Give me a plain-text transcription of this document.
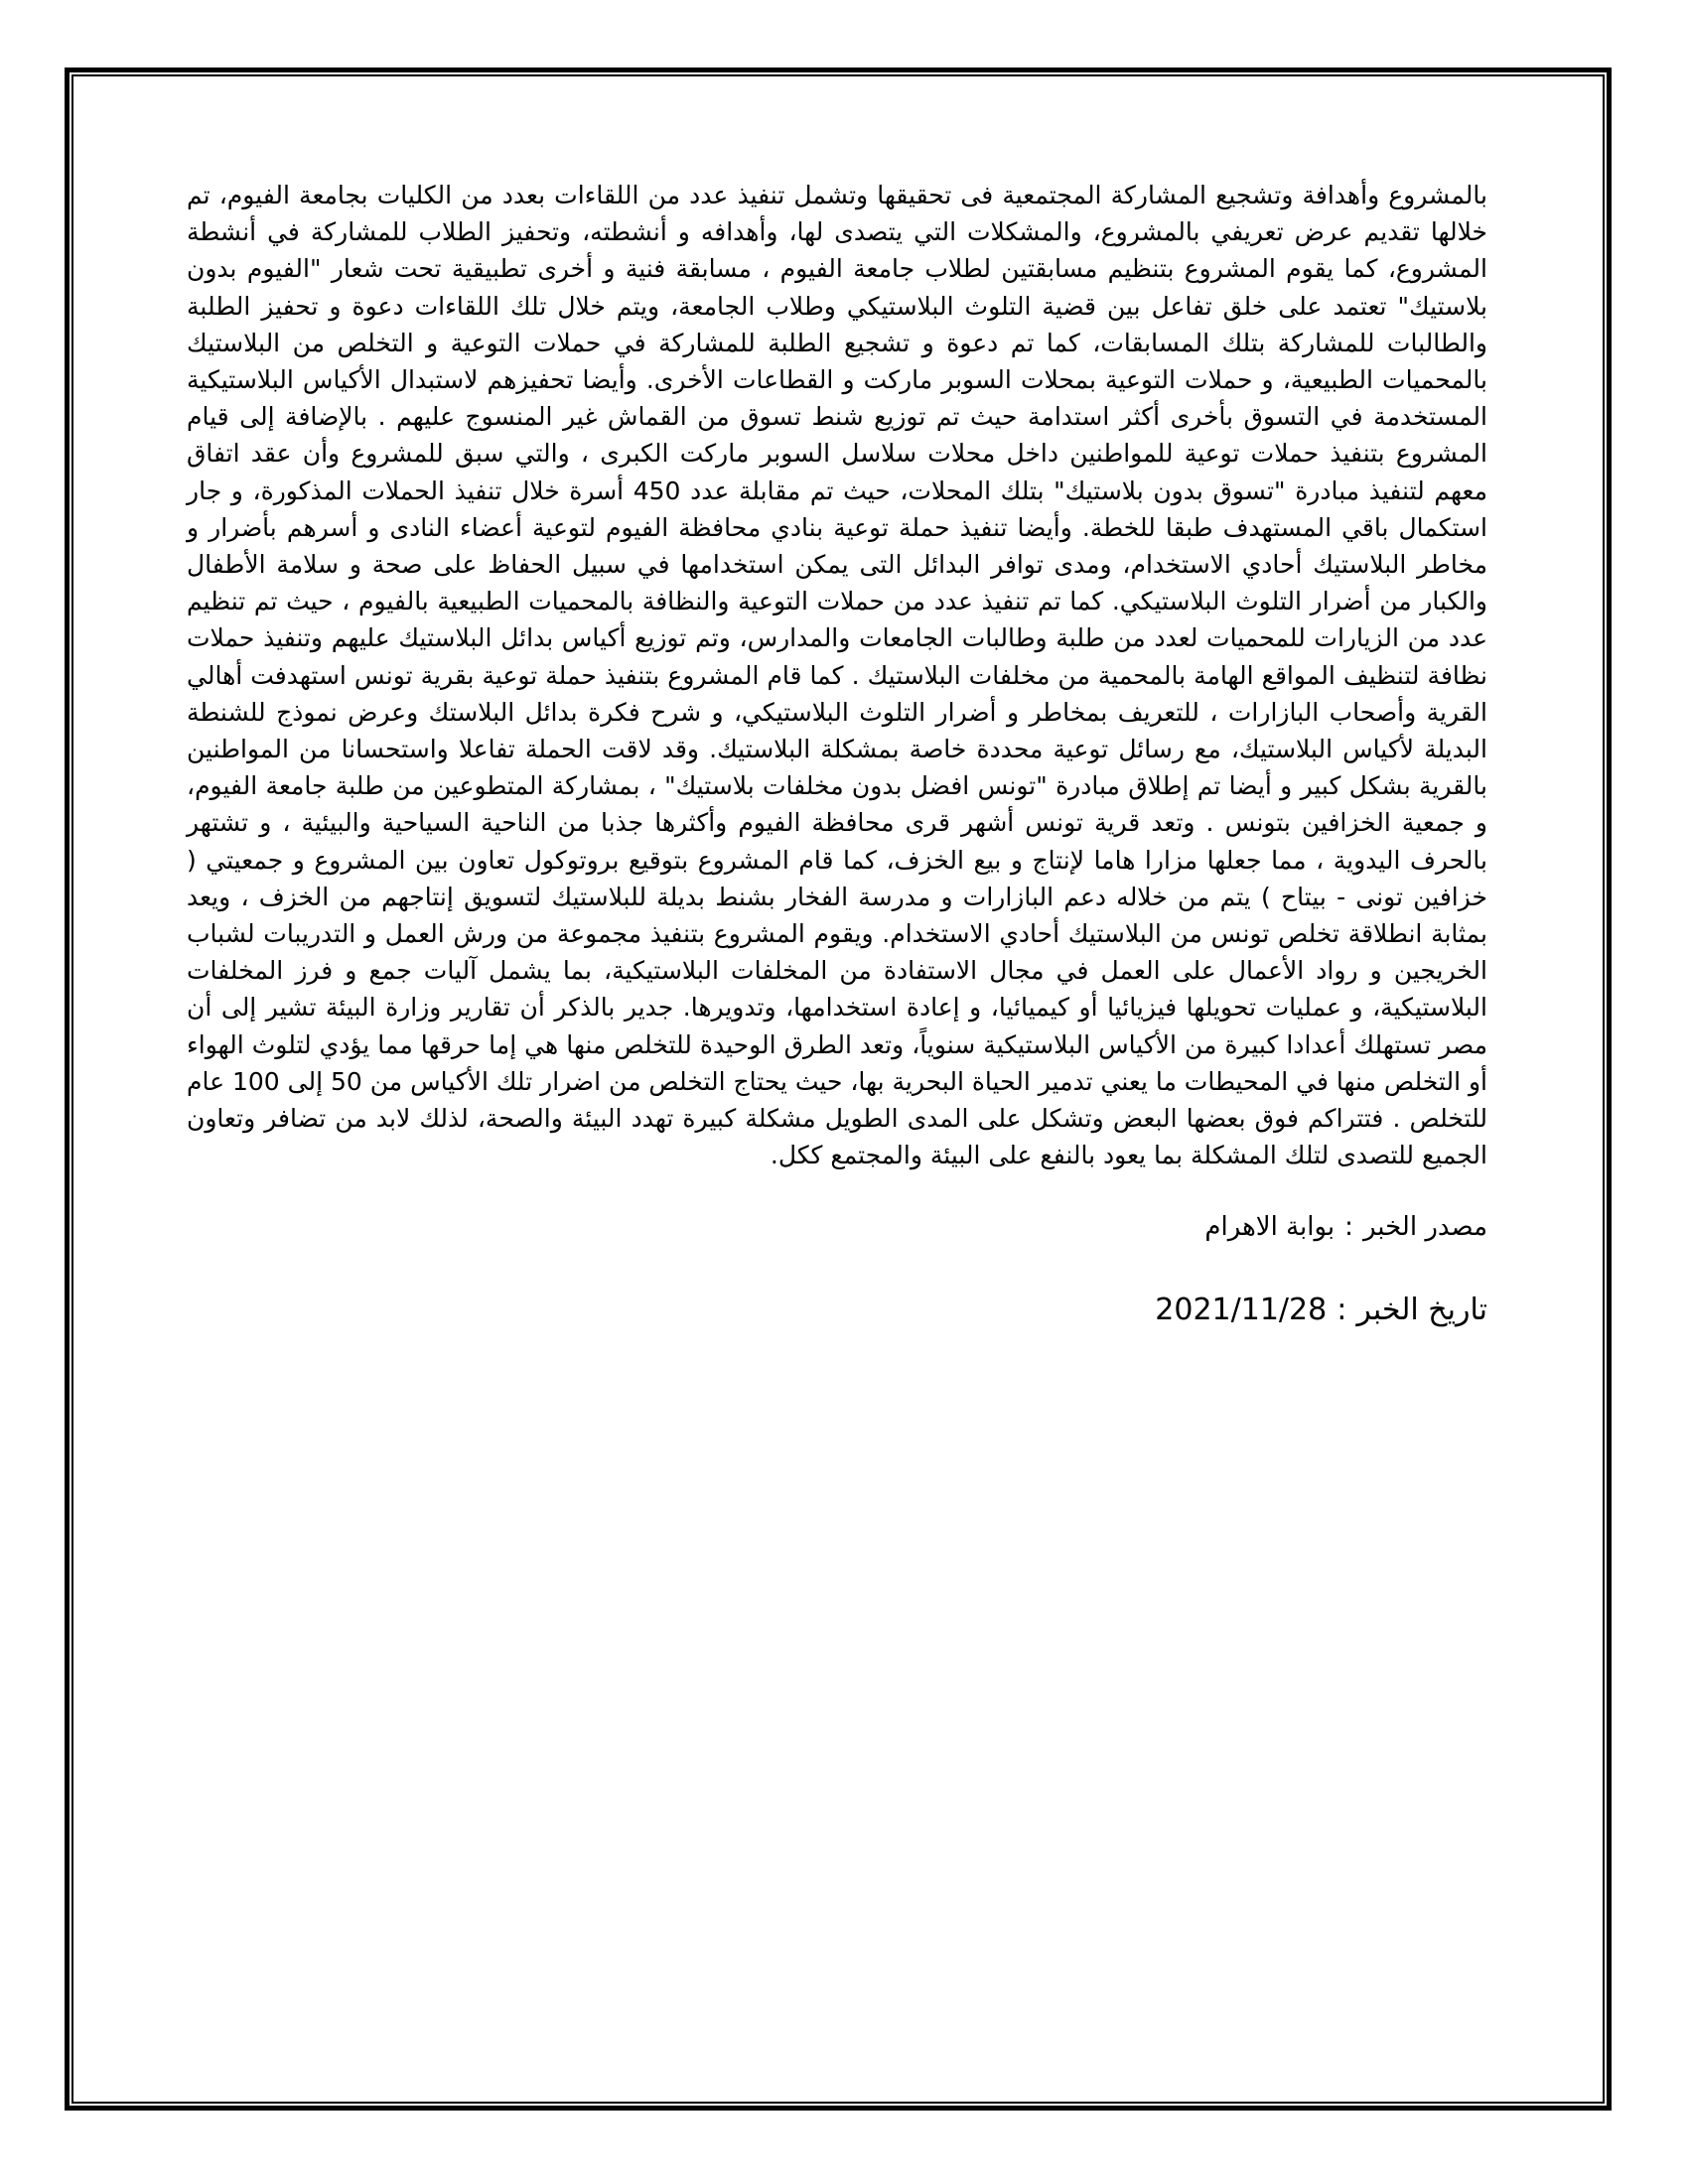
بالمشروع وأهدافة وتشجيع المشاركة المجتمعية فى تحقيقها وتشمل تنفيذ عدد من اللقاءات بعدد من الكليات بجامعة الفيوم، تم خلالها تقديم عرض تعريفي بالمشروع، والمشكلات التي يتصدى لها، وأهدافه و أنشطته، وتحفيز الطلاب للمشاركة في أنشطة المشروع، كما يقوم المشروع بتنظيم مسابقتين لطلاب جامعة الفيوم ، مسابقة فنية و أخرى تطبيقية تحت شعار "الفيوم بدون بلاستيك" تعتمد على خلق تفاعل بين قضية التلوث البلاستيكي وطلاب الجامعة، ويتم خلال تلك اللقاءات دعوة و تحفيز الطلبة والطالبات للمشاركة بتلك المسابقات، كما تم دعوة و تشجيع الطلبة للمشاركة في حملات التوعية و التخلص من البلاستيك بالمحميات الطبيعية، و حملات التوعية بمحلات السوبر ماركت و القطاعات الأخرى. وأيضا تحفيزهم لاستبدال الأكياس البلاستيكية المستخدمة في التسوق بأخرى أكثر استدامة حيث تم توزيع شنط تسوق من القماش غير المنسوج عليهم . بالإضافة إلى قيام المشروع بتنفيذ حملات توعية للمواطنين داخل محلات سلاسل السوبر ماركت الكبرى ، والتي سبق للمشروع وأن عقد اتفاق معهم لتنفيذ مبادرة "تسوق بدون بلاستيك" بتلك المحلات، حيث تم مقابلة عدد 450 أسرة خلال تنفيذ الحملات المذكورة، و جار استكمال باقي المستهدف طبقا للخطة. وأيضا تنفيذ حملة توعية بنادي محافظة الفيوم لتوعية أعضاء النادى و أسرهم بأضرار و مخاطر البلاستيك أحادي الاستخدام، ومدى توافر البدائل التى يمكن استخدامها في سبيل الحفاظ على صحة و سلامة الأطفال والكبار من أضرار التلوث البلاستيكي. كما تم تنفيذ عدد من حملات التوعية والنظافة بالمحميات الطبيعية بالفيوم ، حيث تم تنظيم عدد من الزيارات للمحميات لعدد من طلبة وطالبات الجامعات والمدارس، وتم توزيع أكياس بدائل البلاستيك عليهم وتنفيذ حملات نظافة لتنظيف المواقع الهامة بالمحمية من مخلفات البلاستيك . كما قام المشروع بتنفيذ حملة توعية بقرية تونس استهدفت أهالي القرية وأصحاب البازارات ، للتعريف بمخاطر و أضرار التلوث البلاستيكي، و شرح فكرة بدائل البلاستك وعرض نموذج للشنطة البديلة لأكياس البلاستيك، مع رسائل توعية محددة خاصة بمشكلة البلاستيك. وقد لاقت الحملة تفاعلا واستحسانا من المواطنين بالقرية بشكل كبير و أيضا تم إطلاق مبادرة "تونس افضل بدون مخلفات بلاستيك" ، بمشاركة المتطوعين من طلبة جامعة الفيوم، و جمعية الخزافين بتونس . وتعد قرية تونس أشهر قرى محافظة الفيوم وأكثرها جذبا من الناحية السياحية والبيئية ، و تشتهر بالحرف اليدوية ، مما جعلها مزارا هاما لإنتاج و بيع الخزف، كما قام المشروع بتوقيع بروتوكول تعاون بين المشروع و جمعيتي ( خزافين تونى - بيتاح ) يتم من خلاله دعم البازارات و مدرسة الفخار بشنط بديلة للبلاستيك لتسويق إنتاجهم من الخزف ، ويعد بمثابة انطلاقة تخلص تونس من البلاستيك أحادي الاستخدام. ويقوم المشروع بتنفيذ مجموعة من ورش العمل و التدريبات لشباب الخريجين و رواد الأعمال على العمل في مجال الاستفادة من المخلفات البلاستيكية، بما يشمل آليات جمع و فرز المخلفات البلاستيكية، و عمليات تحويلها فيزيائيا أو كيميائيا، و إعادة استخدامها، وتدويرها. جدير بالذكر أن تقارير وزارة البيئة تشير إلى أن مصر تستهلك أعدادا كبيرة من الأكياس البلاستيكية سنوياً، وتعد الطرق الوحيدة للتخلص منها هي إما حرقها مما يؤدي لتلوث الهواء أو التخلص منها في المحيطات ما يعني تدمير الحياة البحرية بها، حيث يحتاج التخلص من اضرار تلك الأكياس من 50 إلى 100 عام للتخلص . فتتراكم فوق بعضها البعض وتشكل على المدى الطويل مشكلة كبيرة تهدد البيئة والصحة، لذلك لابد من تضافر وتعاون الجميع للتصدى لتلك المشكلة بما يعود بالنفع على البيئة والمجتمع ككل.

مصدر الخبر:بوابة الاهرام

تاريخ الخبر:2021/11/28
